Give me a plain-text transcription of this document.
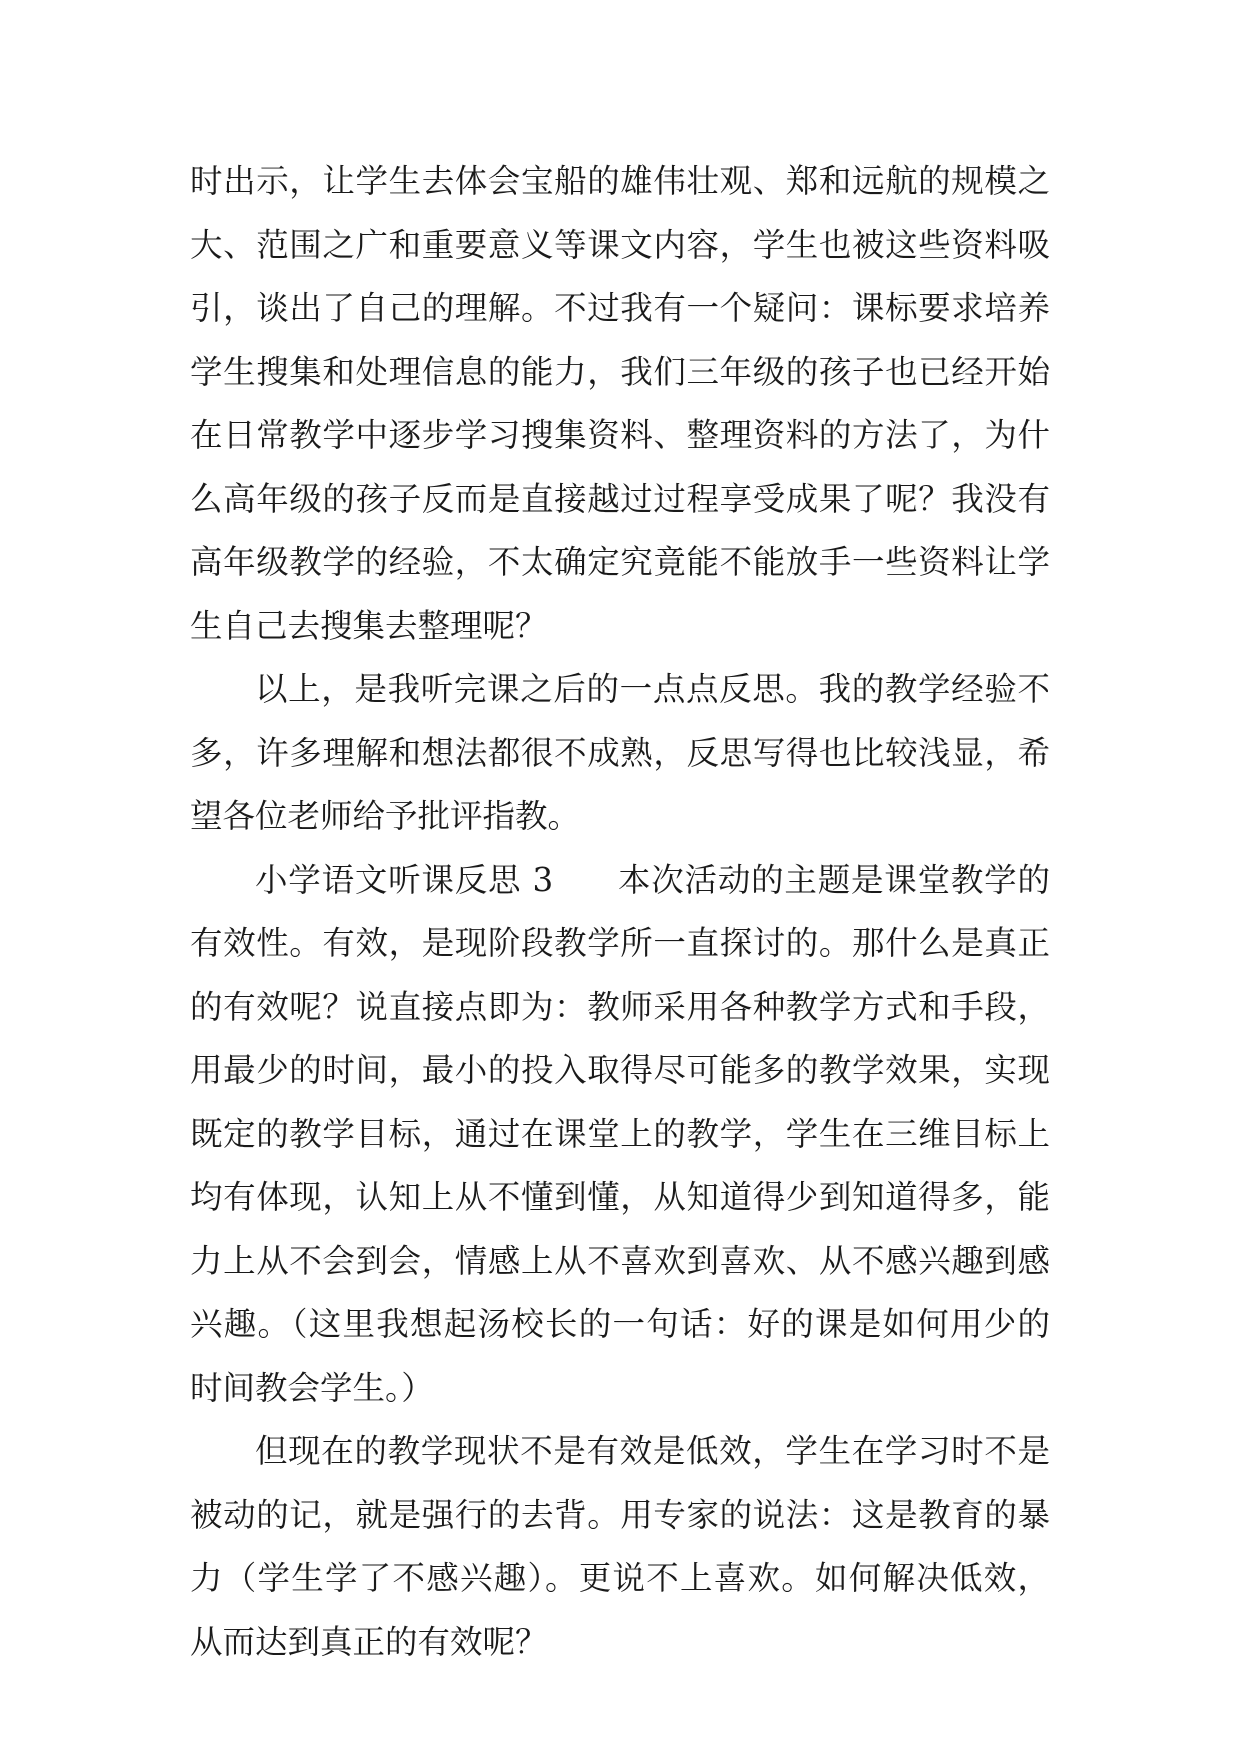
时出示，让学生去体会宝船的雄伟壮观、郑和远航的规模之大、范围之广和重要意义等课文内容，学生也被这些资料吸引，谈出了自己的理解。不过我有一个疑问：课标要求培养学生搜集和处理信息的能力，我们三年级的孩子也已经开始在日常教学中逐步学习搜集资料、整理资料的方法了，为什么高年级的孩子反而是直接越过过程享受成果了呢？我没有高年级教学的经验，不太确定究竟能不能放手一些资料让学生自己去搜集去整理呢？

以上，是我听完课之后的一点点反思。我的教学经验不多，许多理解和想法都很不成熟，反思写得也比较浅显，希望各位老师给予批评指教。

小学语文听课反思 3 本次活动的主题是课堂教学的有效性。有效，是现阶段教学所一直探讨的。那什么是真正的有效呢？说直接点即为：教师采用各种教学方式和手段，用最少的时间，最小的投入取得尽可能多的教学效果，实现既定的教学目标，通过在课堂上的教学，学生在三维目标上均有体现，认知上从不懂到懂，从知道得少到知道得多，能力上从不会到会，情感上从不喜欢到喜欢、从不感兴趣到感兴趣。（这里我想起汤校长的一句话：好的课是如何用少的时间教会学生。）

但现在的教学现状不是有效是低效，学生在学习时不是被动的记，就是强行的去背。用专家的说法：这是教育的暴力（学生学了不感兴趣）。更说不上喜欢。如何解决低效，从而达到真正的有效呢？
